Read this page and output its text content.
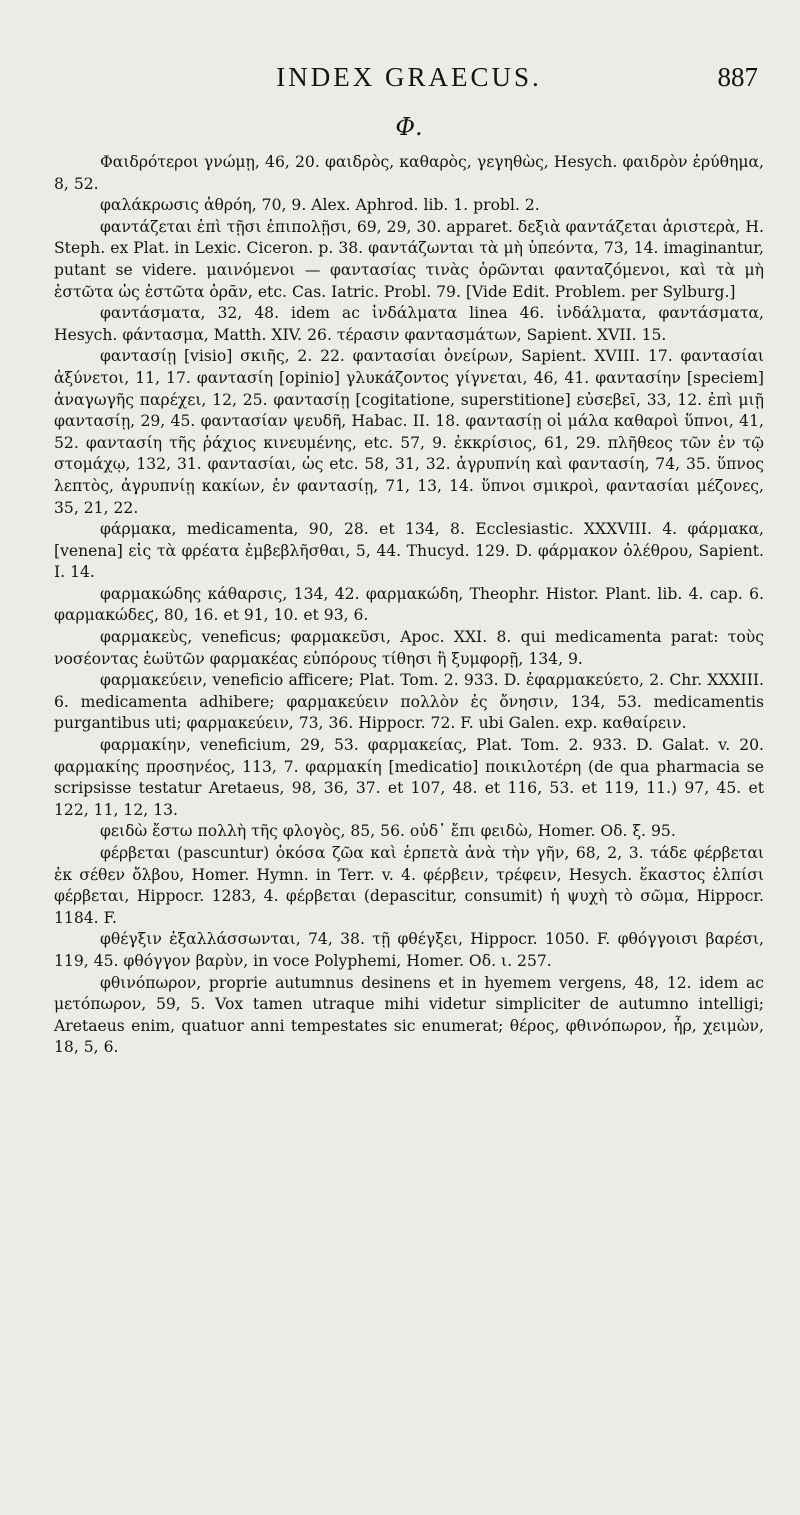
INDEX GRAECUS.	887
Φ.

Φαιδρότεροι γνώμῃ, 46, 20. φαιδρὸς, καθαρὸς, γεγηθὼς, Hesych. φαιδρὸν ἐρύθημα, 8, 52.

φαλάκρωσις ἀθρόη, 70, 9. Alex. Aphrod. lib. 1. probl. 2.

φαντάζεται ἐπὶ τῇσι ἐπιπολῇσι, 69, 29, 30. apparet. δεξιὰ φαντάζεται ἀριστερὰ, H. Steph. ex Plat. in Lexic. Ciceron. p. 38. φαντάζωνται τὰ μὴ ὑπεόντα, 73, 14. imaginantur, putant se videre. μαινόμενοι — φαντασίας τινὰς ὁρῶνται φανταζόμενοι, καὶ τὰ μὴ ἑστῶτα ὡς ἑστῶτα ὁρᾶν, etc. Cas. Iatric. Probl. 79. [Vide Edit. Problem. per Sylburg.]

φαντάσματα, 32, 48. idem ac ἰνδάλματα linea 46. ἰνδάλματα, φαντάσματα, Hesych. φάντασμα, Matth. XIV. 26. τέρασιν φαντασμάτων, Sapient. XVII. 15.

φαντασίῃ [visio] σκιῆς, 2. 22. φαντασίαι ὀνείρων, Sapient. XVIII. 17. φαντασίαι ἀξύνετοι, 11, 17. φαντασίη [opinio] γλυκάζοντος γίγνεται, 46, 41. φαντασίην [speciem] ἀναγωγῆς παρέχει, 12, 25. φαντασίῃ [cogitatione, superstitione] εὐσεβεῖ, 33, 12. ἐπὶ μιῇ φαντασίῃ, 29, 45. φαντασίαν ψευδῆ, Habac. II. 18. φαντασίῃ οἱ μάλα καθαροὶ ὕπνοι, 41, 52. φαντασίη τῆς ῥάχιος κινευμένης, etc. 57, 9. ἐκκρίσιος, 61, 29. πλῆθεος τῶν ἐν τῷ στομάχῳ, 132, 31. φαντασίαι, ὡς etc. 58, 31, 32. ἀγρυπνίη καὶ φαντασίη, 74, 35. ὕπνος λεπτὸς, ἀγρυπνίῃ κακίων, ἐν φαντασίῃ, 71, 13, 14. ὕπνοι σμικροὶ, φαντασίαι μέζονες, 35, 21, 22.

φάρμακα, medicamenta, 90, 28. et 134, 8. Ecclesiastic. XXXVIII. 4. φάρμακα, [venena] εἰς τὰ φρέατα ἐμβεβλῆσθαι, 5, 44. Thucyd. 129. D. φάρμακον ὀλέθρου, Sapient. I. 14.

φαρμακώδης κάθαρσις, 134, 42. φαρμακώδη, Theophr. Histor. Plant. lib. 4. cap. 6. φαρμακώδεϛ, 80, 16. et 91, 10. et 93, 6.

φαρμακεὺς, veneficus; φαρμακεῦσι, Apoc. XXI. 8. qui medicamenta parat: τοὺς νοσέοντας ἑωϋτῶν φαρμακέας εὐπόρους τίθησι ἢ ξυμφορῇ, 134, 9.

φαρμακεύειν, veneficio afficere; Plat. Tom. 2. 933. D. ἐφαρμακεύετο, 2. Chr. XXXIII. 6. medicamenta adhibere; φαρμακεύειν πολλὸν ἐς ὄνησιν, 134, 53. medicamentis purgantibus uti; φαρμακεύειν, 73, 36. Hippocr. 72. F. ubi Galen. exp. καθαίρειν.

φαρμακίην, veneficium, 29, 53. φαρμακείας, Plat. Tom. 2. 933. D. Galat. v. 20. φαρμακίης προσηνέος, 113, 7. φαρμακίη [medicatio] ποικιλοτέρη (de qua pharmacia se scripsisse testatur Aretaeus, 98, 36, 37. et 107, 48. et 116, 53. et 119, 11.) 97, 45. et 122, 11, 12, 13.

φειδὼ ἔστω πολλὴ τῆς φλογὸς, 85, 56. οὐδ᾽ ἔπι φειδὼ, Homer. Οδ. ξ. 95.

φέρβεται (pascuntur) ὁκόσα ζῶα καὶ ἑρπετὰ ἀνὰ τὴν γῆν, 68, 2, 3. τάδε φέρβεται ἐκ σέθεν ὄλβου, Homer. Hymn. in Terr. v. 4. φέρβειν, τρέφειν, Hesych. ἕκαστος ἐλπίσι φέρβεται, Hippocr. 1283, 4. φέρβεται (depascitur, consumit) ἡ ψυχὴ τὸ σῶμα, Hippocr. 1184. F.

φθέγξιν ἐξαλλάσσωνται, 74, 38. τῇ φθέγξει, Hippocr. 1050. F. φθόγγοισι βαρέσι, 119, 45. φθόγγον βαρὺν, in voce Polyphemi, Homer. Οδ. ι. 257.

φθινόπωρον, proprie autumnus desinens et in hyemem vergens, 48, 12. idem ac μετόπωρον, 59, 5. Vox tamen utraque mihi videtur simpliciter de autumno intelligi; Aretaeus enim, quatuor anni tempestates sic enumerat; θέρος, φθινόπωρον, ἦρ, χειμὼν, 18, 5, 6.
